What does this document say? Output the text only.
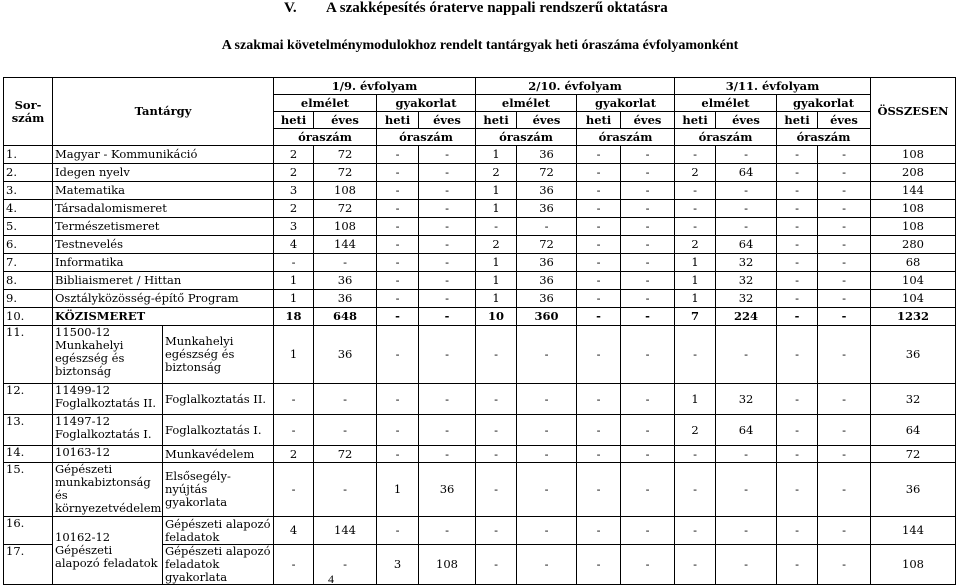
V. A szakképesítés óraterve nappali rendszerű oktatásra
A szakmai követelménymodulokhoz rendelt tantárgyak heti óraszáma évfolyamonként
Sor-szám	Tantárgy		1/9. évfolyam				2/10. évfolyam				3/11. évfolyam				ÖSSZESEN
			elmélet		gyakorlat		elmélet		gyakorlat		elmélet		gyakorlat		
			heti	éves	heti	éves	heti	éves	heti	éves	heti	éves	heti	éves	
			óraszám		óraszám		óraszám		óraszám		óraszám		óraszám		
1.	Magyar - Kommunikáció		2	72	-	-	1	36	-	-	-	-	-	-	108
2.	Idegen nyelv		2	72	-	-	2	72	-	-	2	64	-	-	208
3.	Matematika		3	108	-	-	1	36	-	-	-	-	-	-	144
4.	Társadalomismeret		2	72	-	-	1	36	-	-	-	-	-	-	108
5.	Természetismeret		3	108	-	-	-	-	-	-	-	-	-	-	108
6.	Testnevelés		4	144	-	-	2	72	-	-	2	64	-	-	280
7.	Informatika		-	-	-	-	1	36	-	-	1	32	-	-	68
8.	Bibliaismeret / Hittan		1	36	-	-	1	36	-	-	1	32	-	-	104
9.	Osztályközösség-építő Program		1	36	-	-	1	36	-	-	1	32	-	-	104
10.	KÖZISMERET		18	648	-	-	10	360	-	-	7	224	-	-	1232
11.	11500-12 Munkahelyi egészség és biztonság	Munkahelyi egészség és biztonság	1	36	-	-	-	-	-	-	-	-	-	-	36
12.	11499-12 Foglalkoztatás II.	Foglalkoztatás II.	-	-	-	-	-	-	-	-	1	32	-	-	32
13.	11497-12 Foglalkoztatás I.	Foglalkoztatás I.	-	-	-	-	-	-	-	-	2	64	-	-	64
14.	10163-12	Munkavédelem	2	72	-	-	-	-	-	-	-	-	-	-	72
15.	Gépészeti munkabiztonság és környezetvédelem	Elsősegély-nyújtás gyakorlata	-	-	1	36	-	-	-	-	-	-	-	-	36
16.	10162-12 Gépészeti alapozó feladatok	Gépészeti alapozó feladatok	4	144	-	-	-	-	-	-	-	-	-	-	144
17.		Gépészeti alapozó feladatok gyakorlata	-	-	3	108	-	-	-	-	-	-	-	-	108
4
